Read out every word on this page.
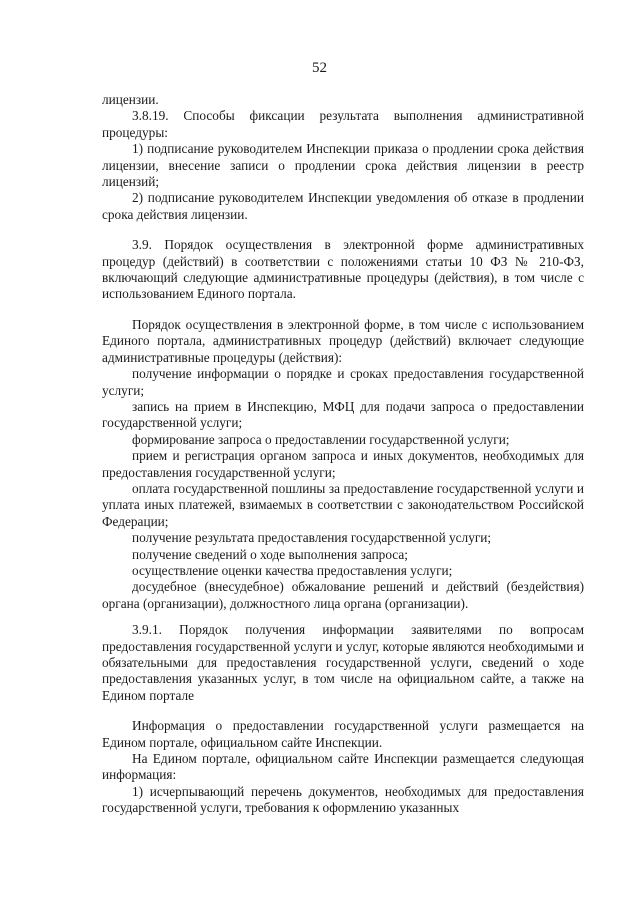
52

лицензии.

3.8.19. Способы фиксации результата выполнения административной процедуры:

1) подписание руководителем Инспекции приказа о продлении срока действия лицензии, внесение записи о продлении срока действия лицензии в реестр лицензий;

2) подписание руководителем Инспекции уведомления об отказе в продлении срока действия лицензии.

3.9. Порядок осуществления в электронной форме административных процедур (действий) в соответствии с положениями статьи 10 ФЗ № 210-ФЗ, включающий следующие административные процедуры (действия), в том числе с использованием Единого портала.

Порядок осуществления в электронной форме, в том числе с использованием Единого портала, административных процедур (действий) включает следующие административные процедуры (действия):

получение информации о порядке и сроках предоставления государственной услуги;

запись на прием в Инспекцию, МФЦ для подачи запроса о предоставлении государственной услуги;

формирование запроса о предоставлении государственной услуги;

прием и регистрация органом запроса и иных документов, необходимых для предоставления государственной услуги;

оплата государственной пошлины за предоставление государственной услуги и уплата иных платежей, взимаемых в соответствии с законодательством Российской Федерации;

получение результата предоставления государственной услуги;

получение сведений о ходе выполнения запроса;

осуществление оценки качества предоставления услуги;

досудебное (внесудебное) обжалование решений и действий (бездействия) органа (организации), должностного лица органа (организации).

3.9.1. Порядок получения информации заявителями по вопросам предоставления государственной услуги и услуг, которые являются необходимыми и обязательными для предоставления государственной услуги, сведений о ходе предоставления указанных услуг, в том числе на официальном сайте, а также на Едином портале

Информация о предоставлении государственной услуги размещается на Едином портале, официальном сайте Инспекции.

На Едином портале, официальном сайте Инспекции размещается следующая информация:

1) исчерпывающий перечень документов, необходимых для предоставления государственной услуги, требования к оформлению указанных
